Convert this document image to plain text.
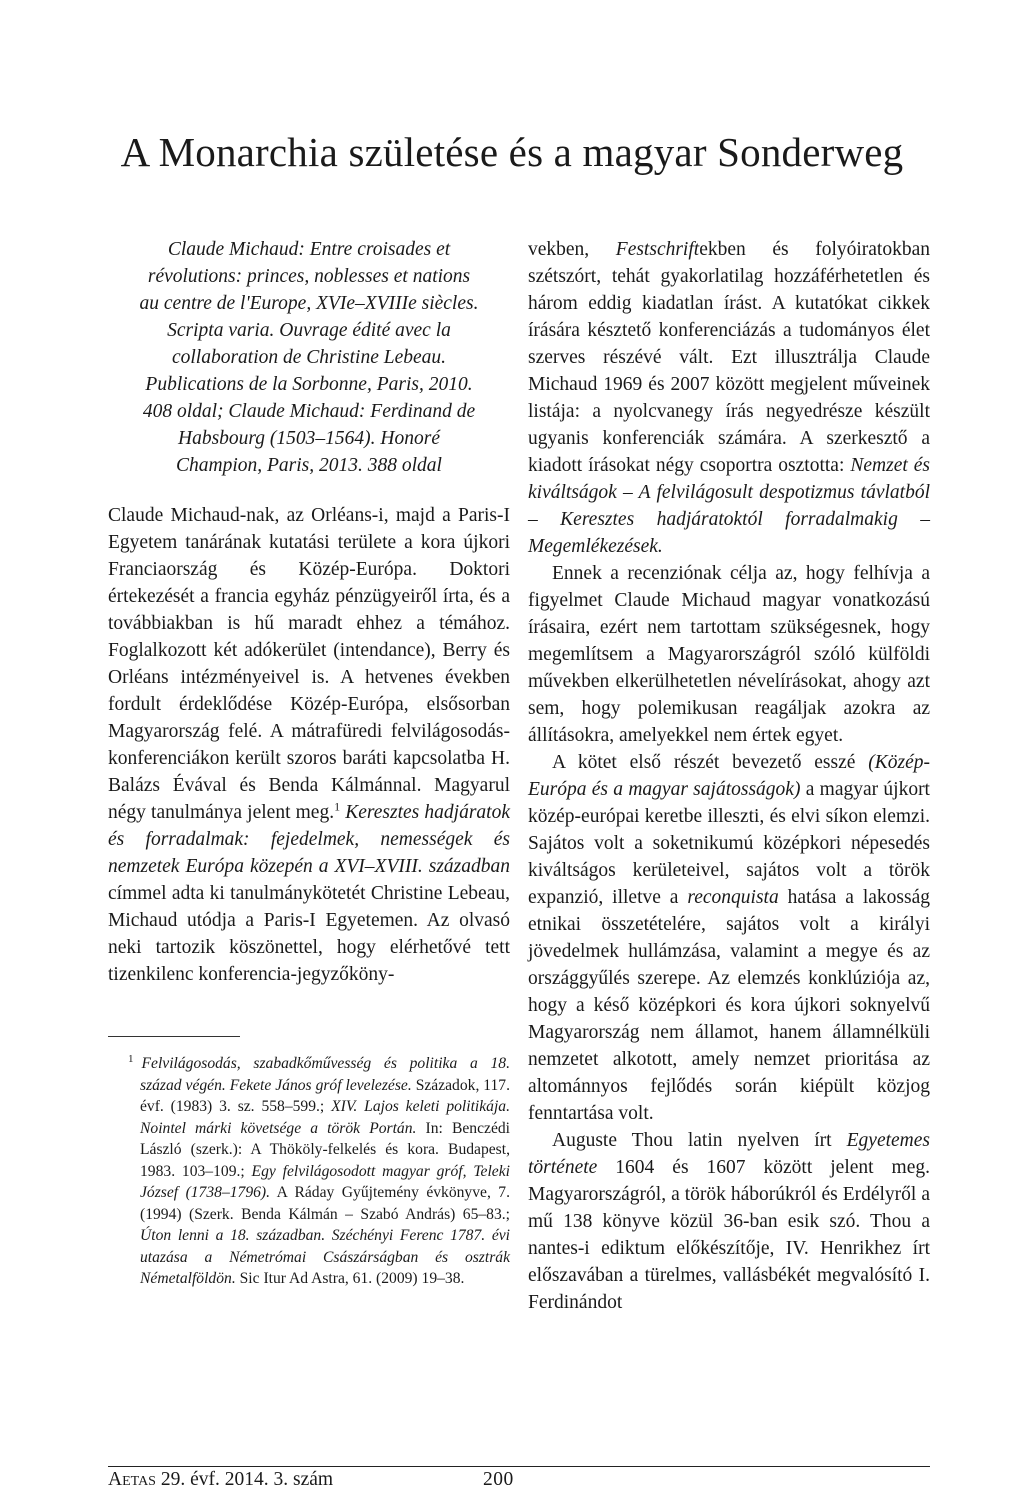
A Monarchia születése és a magyar Sonderweg
Claude Michaud: Entre croisades et
révolutions: princes, noblesses et nations
au centre de l'Europe, XVIe–XVIIIe siècles.
Scripta varia. Ouvrage édité avec la
collaboration de Christine Lebeau.
Publications de la Sorbonne, Paris, 2010.
408 oldal; Claude Michaud: Ferdinand de
Habsbourg (1503–1564). Honoré
Champion, Paris, 2013. 388 oldal

Claude Michaud-nak, az Orléans-i, majd a Paris-I Egyetem tanárának kutatási területe a kora újkori Franciaország és Közép-Európa. Doktori értekezését a francia egyház pénzügyeiről írta, és a továbbiakban is hű maradt ehhez a témához. Foglalkozott két adókerület (intendance), Berry és Orléans intézményeivel is. A hetvenes években fordult érdeklődése Közép-Európa, elsősorban Magyarország felé. A mátrafüredi felvilágosodás-konferenciákon került szoros baráti kapcsolatba H. Balázs Évával és Benda Kálmánnal. Magyarul négy tanulmánya jelent meg.$^1$ Keresztes hadjáratok és forradalmak: fejedelmek, nemességek és nemzetek Európa közepén a XVI–XVIII. században címmel adta ki tanulmánykötetét Christine Lebeau, Michaud utódja a Paris-I Egyetemen. Az olvasó neki tartozik köszönettel, hogy elérhetővé tett tizenkilenc konferencia-jegyzőköny-

$^1$ Felvilágosodás, szabadkőművesség és politika a 18. század végén. Fekete János gróf levelezése. Századok, 117. évf. (1983) 3. sz. 558–599.; XIV. Lajos keleti politikája. Nointel márki követsége a török Portán. In: Benczédi László (szerk.): A Thököly-felkelés és kora. Budapest, 1983. 103–109.; Egy felvilágosodott magyar gróf, Teleki József (1738–1796). A Ráday Gyűjtemény évkönyve, 7. (1994) (Szerk. Benda Kálmán – Szabó András) 65–83.; Úton lenni a 18. században. Széchényi Ferenc 1787. évi utazása a Németrómai Császárságban és osztrák Németalföldön. Sic Itur Ad Astra, 61. (2009) 19–38.

vekben, Festschriftekben és folyóiratokban szétszórt, tehát gyakorlatilag hozzáférhetetlen és három eddig kiadatlan írást. A kutatókat cikkek írására késztető konferenciázás a tudományos élet szerves részévé vált. Ezt illusztrálja Claude Michaud 1969 és 2007 között megjelent műveinek listája: a nyolcvanegy írás negyedrésze készült ugyanis konferenciák számára. A szerkesztő a kiadott írásokat négy csoportra osztotta: Nemzet és kiváltságok – A felvilágosult despotizmus távlatból – Keresztes hadjáratoktól forradalmakig – Megemlékezések.

Ennek a recenziónak célja az, hogy felhívja a figyelmet Claude Michaud magyar vonatkozású írásaira, ezért nem tartottam szükségesnek, hogy megemlítsem a Magyarországról szóló külföldi művekben elkerülhetetlen névelírásokat, ahogy azt sem, hogy polemikusan reagáljak azokra az állításokra, amelyekkel nem értek egyet.

A kötet első részét bevezető esszé (Közép-Európa és a magyar sajátosságok) a magyar újkort közép-európai keretbe illeszti, és elvi síkon elemzi. Sajátos volt a soketnikumú középkori népesedés kiváltságos kerületeivel, sajátos volt a török expanzió, illetve a reconquista hatása a lakosság etnikai összetételére, sajátos volt a királyi jövedelmek hullámzása, valamint a megye és az országgyűlés szerepe. Az elemzés konklúziója az, hogy a késő középkori és kora újkori soknyelvű Magyarország nem államot, hanem államnélküli nemzetet alkotott, amely nemzet prioritása az altománnyos fejlődés során kiépült közjog fenntartása volt.

Auguste Thou latin nyelven írt Egyetemes története 1604 és 1607 között jelent meg. Magyarországról, a török háborúkról és Erdélyről a mű 138 könyve közül 36-ban esik szó. Thou a nantes-i ediktum előkészítője, IV. Henrikhez írt előszavában a türelmes, vallásbékét megvalósító I. Ferdinándot

Aetas 29. évf. 2014. 3. szám	200
